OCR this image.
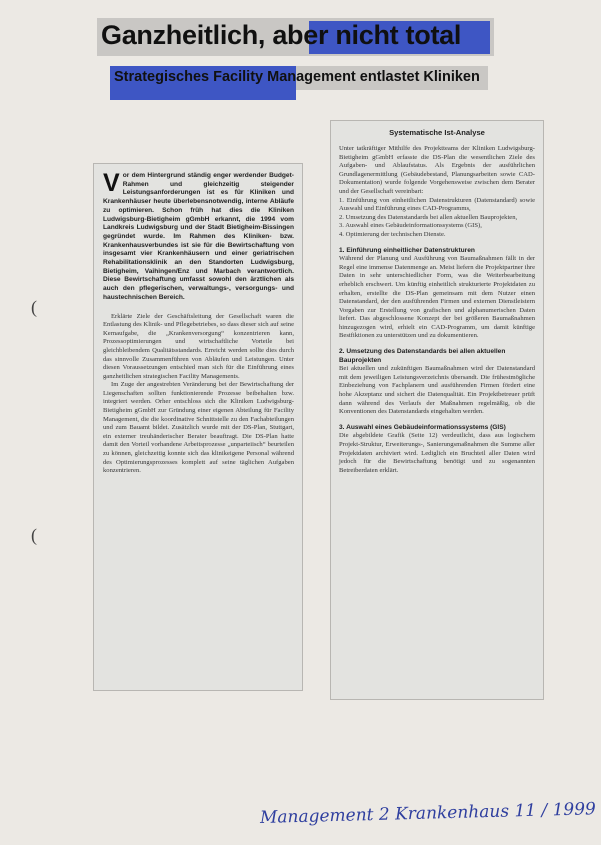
Ganzheitlich, aber nicht total
Strategisches Facility Management entlastet Kliniken
(
(
Vor dem Hintergrund ständig enger werdender Budget-Rahmen und gleichzeitig steigender Leistungsanforderungen ist es für Kliniken und Krankenhäuser heute überlebensnotwendig, interne Abläufe zu optimieren. Schon früh hat dies die Kliniken Ludwigsburg-Bietigheim gGmbH erkannt, die 1994 vom Landkreis Ludwigsburg und der Stadt Bietigheim-Bissingen gegründet wurde. Im Rahmen des Kliniken- bzw. Krankenhausverbundes ist sie für die Bewirtschaftung von insgesamt vier Krankenhäusern und einer geriatrischen Rehabilitationsklinik an den Standorten Ludwigsburg, Bietigheim, Vaihingen/Enz und Marbach verantwortlich. Diese Bewirtschaftung umfasst sowohl den ärztlichen als auch den pflegerischen, verwaltungs-, versorgungs- und haustechnischen Bereich.

Erklärte Ziele der Geschäftsleitung der Gesellschaft waren die Entlastung des Klinik- und Pflegebetriebes, so dass dieser sich auf seine Kernaufgabe, die „Krankenversorgung“ konzentrieren kann, Prozessoptimierungen und wirtschaftliche Vorteile bei gleichbleibendem Qualitätsstandards. Erreicht werden sollte dies durch das sinnvolle Zusammenführen von Abläufen und Leistungen. Unter diesen Voraussetzungen entschied man sich für die Einführung eines ganzheitlichen strategischen Facility Managements.

Im Zuge der angestrebten Veränderung bei der Bewirtschaftung der Liegenschaften sollten funktionierende Prozesse beibehalten bzw. integriert werden. Orher entschloss sich die Kliniken Ludwigsburg-Bietigheim gGmbH zur Gründung einer eigenen Abteilung für Facility Management, die die koordinative Schnittstelle zu den Fachabteilungen und zum Bauamt bildet. Zusätzlich wurde mit der DS-Plan, Stuttgart, ein externer treuhänderischer Berater beauftragt. Die DS-Plan hatte damit den Vorteil vorhandene Arbeitsprozesse „unparteiisch“ beurteilen zu können, gleichzeitig konnte sich das klinikeigene Personal während des Optimierungsprozesses komplett auf seine täglichen Aufgaben konzentrieren.

Systematische Ist-Analyse

Unter tatkräftiger Mithilfe des Projektteams der Kliniken Ludwigsburg-Bietigheim gGmbH erfasste die DS-Plan die wesentlichen Ziele des Aufgaben- und Ablaufstatus. Als Ergebnis der ausführlichen Grundlagenermittlung (Gebäudebestand, Planungsarbeiten sowie CAD-Dokumentation) wurde folgende Vorgehensweise zwischen dem Berater und der Gesellschaft vereinbart:

1. Einführung von einheitlichen Datenstrukturen (Datenstandard) sowie Auswahl und Einführung eines CAD-Programms,

2. Umsetzung des Datenstandards bei allen aktuellen Bauprojekten,

3. Auswahl eines Gebäudeinformationssystems (GIS),

4. Optimierung der technischen Dienste.

1. Einführung einheitlicher Datenstrukturen

Während der Planung und Ausführung von Baumaßnahmen fällt in der Regel eine immense Datenmenge an. Meist liefern die Projektpartner ihre Daten in sehr unterschiedlicher Form, was die Weiterbearbeitung erheblich erschwert. Um künftig einheitlich strukturierte Projektdaten zu erhalten, erstellte die DS-Plan gemeinsam mit dem Nutzer einen Datenstandard, der den ausführenden Firmen und externen Dienstleistern Vorgaben zur Erstellung von grafischen und alphanumerischen Daten liefert. Das abgeschlossene Konzept der bei größeren Baumaßnahmen hinzugezogen wird, erhielt ein CAD-Programm, um damit künftige Bestfiktionen zu unterstützen und zu dokumentieren.

2. Umsetzung des Datenstandards bei allen aktuellen Bauprojekten

Bei aktuellen und zukünftigen Baumaßnahmen wird der Datenstandard mit dem jeweiligen Leistungsverzeichnis übersandt. Die frühestmögliche Einbeziehung von Fachplanern und ausführenden Firmen fördert eine hohe Akzeptanz und sichert die Datenqualität. Ein Projektbetreuer prüft dann während des Verlaufs der Maßnahmen regelmäßig, ob die Konventionen des Datenstandards eingehalten werden.

3. Auswahl eines Gebäudeinformationssystems (GIS)

Die abgebildete Grafik (Seite 12) verdeutlicht, dass aus logischem Projekt-Struktur, Erweiterungs-, Sanierungsmaßnahmen die Summe aller Projektdaten archiviert wird. Lediglich ein Bruchteil aller Daten wird jedoch für die Bewirtschaftung benötigt und zu sogenannten Betreiberdaten erklärt.

Management 2 Krankenhaus 11 / 1999
